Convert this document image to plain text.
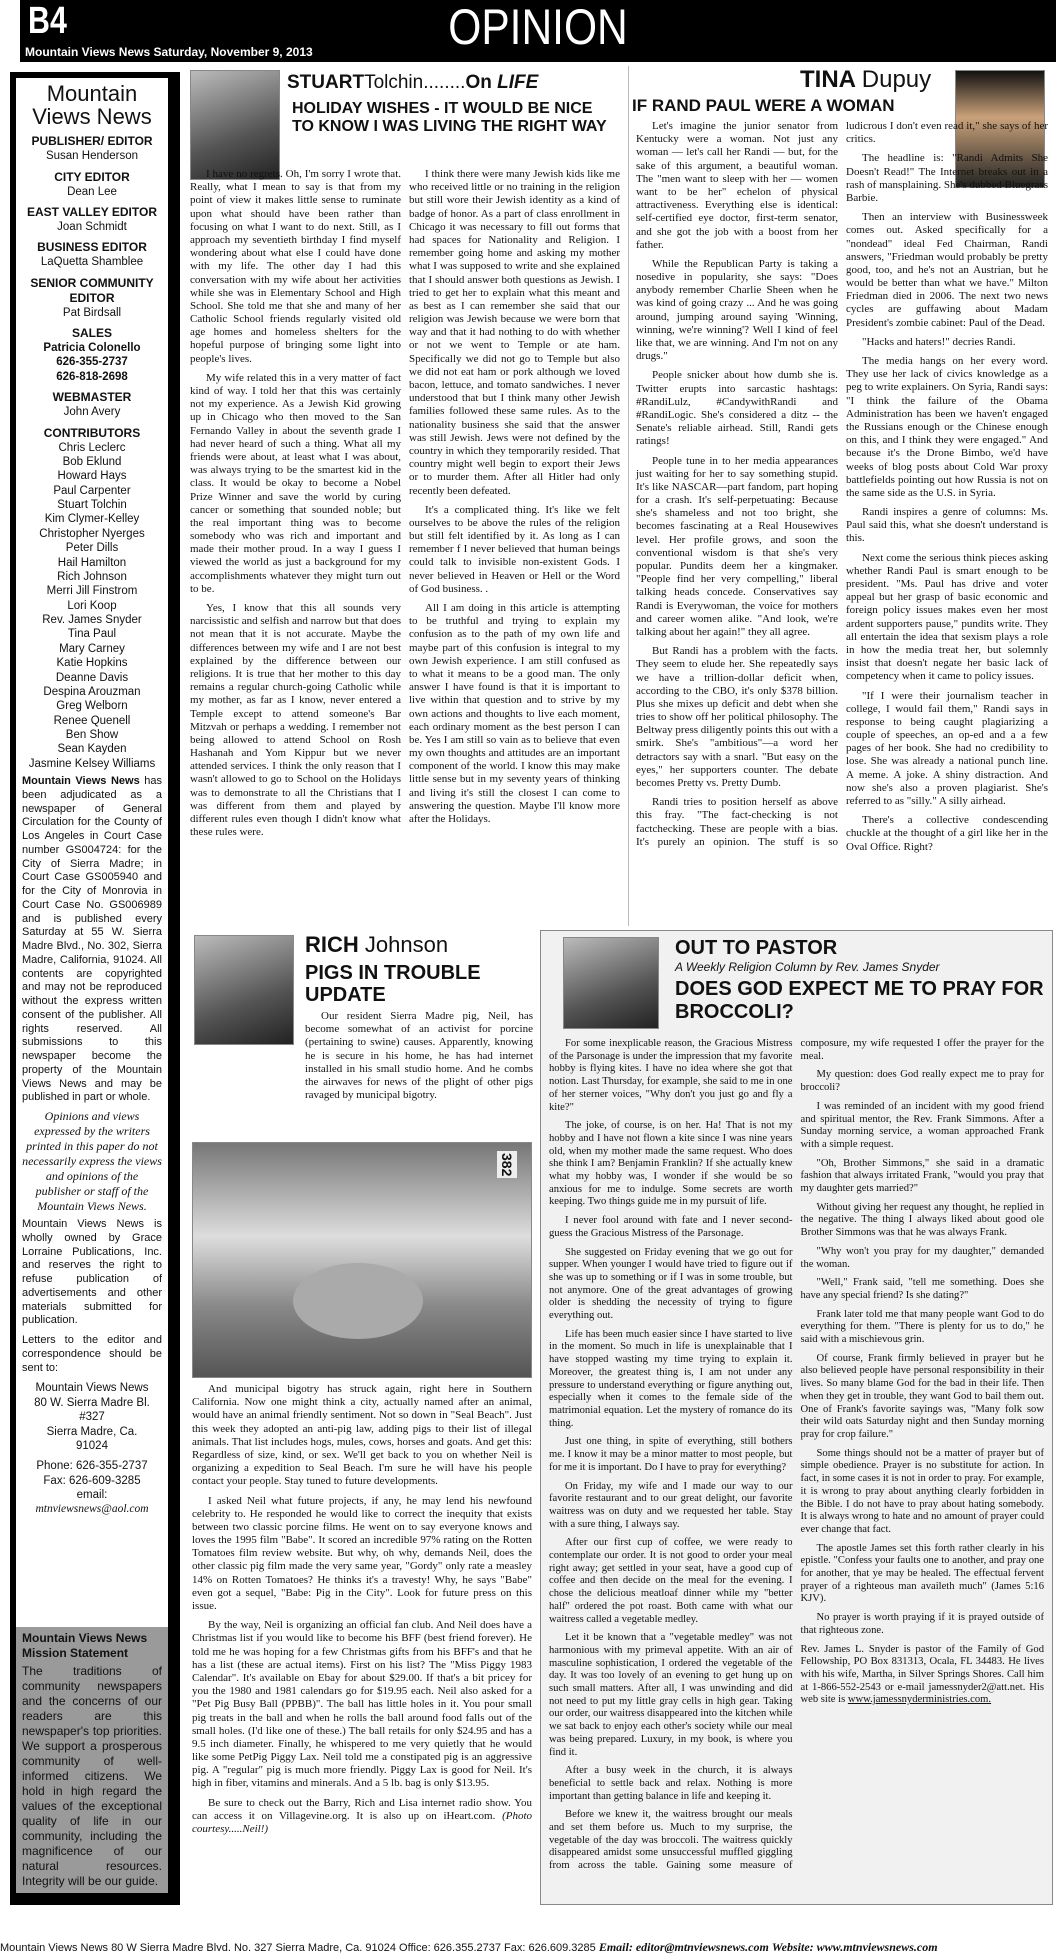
B4	OPINION
Mountain Views News Saturday, November 9, 2013
Mountain Views News
PUBLISHER/ EDITOR
Susan Henderson
CITY EDITOR
Dean Lee
EAST VALLEY EDITOR
Joan Schmidt
BUSINESS EDITOR
LaQuetta Shamblee
SENIOR COMMUNITY EDITOR
Pat Birdsall
SALES
Patricia Colonello
626-355-2737
626-818-2698
WEBMASTER
John Avery
CONTRIBUTORS
Chris Leclerc
Bob Eklund
Howard Hays
Paul Carpenter
Stuart Tolchin
Kim Clymer-Kelley
Christopher Nyerges
Peter Dills
Hail Hamilton
Rich Johnson
Merri Jill Finstrom
Lori Koop
Rev. James Snyder
Tina Paul
Mary Carney
Katie Hopkins
Deanne Davis
Despina Arouzman
Greg Welborn
Renee Quenell
Ben Show
Sean Kayden
Jasmine Kelsey Williams

Mountain Views News has been adjudicated as a newspaper of General Circulation for the County of Los Angeles in Court Case number GS004724: for the City of Sierra Madre; in Court Case GS005940 and for the City of Monrovia in Court Case No. GS006989 and is published every Saturday at 55 W. Sierra Madre Blvd., No. 302, Sierra Madre, California, 91024. All contents are copyrighted and may not be reproduced without the express written consent of the publisher. All rights reserved. All submissions to this newspaper become the property of the Mountain Views News and may be published in part or whole.

Opinions and views expressed by the writers printed in this paper do not necessarily express the views and opinions of the publisher or staff of the Mountain Views News.

Mountain Views News is wholly owned by Grace Lorraine Publications, Inc. and reserves the right to refuse publication of advertisements and other materials submitted for publication.

Letters to the editor and correspondence should be sent to:

Mountain Views News
80 W. Sierra Madre Bl.
#327
Sierra Madre, Ca.
91024
Phone: 626-355-2737
Fax: 626-609-3285
email:
mtnviewsnews@aol.com
Mountain Views News Mission Statement

The traditions of community newspapers and the concerns of our readers are this newspaper's top priorities. We support a prosperous community of well-informed citizens. We hold in high regard the values of the exceptional quality of life in our community, including the magnificence of our natural resources. Integrity will be our guide.

STUARTTolchin........On LIFE
HOLIDAY WISHES - IT WOULD BE NICE TO KNOW I WAS LIVING THE RIGHT WAY

I have no regrets. Oh, I'm sorry I wrote that. Really, what I mean to say is that from my point of view it makes little sense to ruminate upon what should have been rather than focusing on what I want to do next. Still, as I approach my seventieth birthday I find myself wondering about what else I could have done with my life. The other day I had this conversation with my wife about her activities while she was in Elementary School and High School. She told me that she and many of her Catholic School friends regularly visited old age homes and homeless shelters for the hopeful purpose of bringing some light into people's lives.

My wife related this in a very matter of fact kind of way. I told her that this was certainly not my experience. As a Jewish Kid growing up in Chicago who then moved to the San Fernando Valley in about the seventh grade I had never heard of such a thing. What all my friends were about, at least what I was about, was always trying to be the smartest kid in the class. It would be okay to become a Nobel Prize Winner and save the world by curing cancer or something that sounded noble; but the real important thing was to become somebody who was rich and important and made their mother proud. In a way I guess I viewed the world as just a background for my accomplishments whatever they might turn out to be.

Yes, I know that this all sounds very narcissistic and selfish and narrow but that does not mean that it is not accurate. Maybe the differences between my wife and I are not best explained by the difference between our religions. It is true that her mother to this day remains a regular church-going Catholic while my mother, as far as I know, never entered a Temple except to attend someone's Bar Mitzvah or perhaps a wedding. I remember not being allowed to attend School on Rosh Hashanah and Yom Kippur but we never attended services. I think the only reason that I wasn't allowed to go to School on the Holidays was to demonstrate to all the Christians that I was different from them and played by different rules even though I didn't know what these rules were.

I think there were many Jewish kids like me who received little or no training in the religion but still wore their Jewish identity as a kind of badge of honor. As a part of class enrollment in Chicago it was necessary to fill out forms that had spaces for Nationality and Religion. I remember going home and asking my mother what I was supposed to write and she explained that I should answer both questions as Jewish. I tried to get her to explain what this meant and as best as I can remember she said that our religion was Jewish because we were born that way and that it had nothing to do with whether or not we went to Temple or ate ham. Specifically we did not go to Temple but also we did not eat ham or pork although we loved bacon, lettuce, and tomato sandwiches. I never understood that but I think many other Jewish families followed these same rules. As to the nationality business she said that the answer was still Jewish. Jews were not defined by the country in which they temporarily resided. That country might well begin to export their Jews or to murder them. After all Hitler had only recently been defeated.

It's a complicated thing. It's like we felt ourselves to be above the rules of the religion but still felt identified by it. As long as I can remember f I never believed that human beings could talk to invisible non-existent Gods. I never believed in Heaven or Hell or the Word of God business. .

All I am doing in this article is attempting to be truthful and trying to explain my confusion as to the path of my own life and maybe part of this confusion is integral to my own Jewish experience. I am still confused as to what it means to be a good man. The only answer I have found is that it is important to live within that question and to strive by my own actions and thoughts to live each moment, each ordinary moment as the best person I can be. Yes I am still so vain as to believe that even my own thoughts and attitudes are an important component of the world. I know this may make little sense but in my seventy years of thinking and living it's still the closest I can come to answering the question. Maybe I'll know more after the Holidays.

TINA Dupuy
IF RAND PAUL WERE A WOMAN

Let's imagine the junior senator from Kentucky were a woman. Not just any woman — let's call her Randi — but, for the sake of this argument, a beautiful woman. The "men want to sleep with her — women want to be her" echelon of physical attractiveness. Everything else is identical: self-certified eye doctor, first-term senator, and she got the job with a boost from her father.

While the Republican Party is taking a nosedive in popularity, she says: "Does anybody remember Charlie Sheen when he was kind of going crazy ... And he was going around, jumping around saying 'Winning, winning, we're winning'? Well I kind of feel like that, we are winning. And I'm not on any drugs."

People snicker about how dumb she is. Twitter erupts into sarcastic hashtags: #RandiLulz, #CandywithRandi and #RandiLogic. She's considered a ditz -- the Senate's reliable airhead. Still, Randi gets ratings!

People tune in to her media appearances just waiting for her to say something stupid. It's like NASCAR—part fandom, part hoping for a crash. It's self-perpetuating: Because she's shameless and not too bright, she becomes fascinating at a Real Housewives level. Her profile grows, and soon the conventional wisdom is that she's very popular. Pundits deem her a kingmaker. "People find her very compelling," liberal talking heads concede. Conservatives say Randi is Everywoman, the voice for mothers and career women alike. "And look, we're talking about her again!" they all agree.

But Randi has a problem with the facts. They seem to elude her. She repeatedly says we have a trillion-dollar deficit when, according to the CBO, it's only $378 billion. Plus she mixes up deficit and debt when she tries to show off her political philosophy. The Beltway press diligently points this out with a smirk. She's "ambitious"—a word her detractors say with a snarl. "But easy on the eyes," her supporters counter. The debate becomes Pretty vs. Pretty Dumb.

Randi tries to position herself as above this fray. "The fact-checking is not factchecking. These are people with a bias. It's purely an opinion. The stuff is so ludicrous I don't even read it," she says of her critics.

The headline is: "Randi Admits She Doesn't Read!" The Internet breaks out in a rash of mansplaining. She's dubbed Bluegrass Barbie.

Then an interview with Businessweek comes out. Asked specifically for a "nondead" ideal Fed Chairman, Randi answers, "Friedman would probably be pretty good, too, and he's not an Austrian, but he would be better than what we have." Milton Friedman died in 2006. The next two news cycles are guffawing about Madam President's zombie cabinet: Paul of the Dead.

"Hacks and haters!" decries Randi.

The media hangs on her every word. They use her lack of civics knowledge as a peg to write explainers. On Syria, Randi says: "I think the failure of the Obama Administration has been we haven't engaged the Russians enough or the Chinese enough on this, and I think they were engaged." And because it's the Drone Bimbo, we'd have weeks of blog posts about Cold War proxy battlefields pointing out how Russia is not on the same side as the U.S. in Syria.

Randi inspires a genre of columns: Ms. Paul said this, what she doesn't understand is this.

Next come the serious think pieces asking whether Randi Paul is smart enough to be president. "Ms. Paul has drive and voter appeal but her grasp of basic economic and foreign policy issues makes even her most ardent supporters pause," pundits write. They all entertain the idea that sexism plays a role in how the media treat her, but solemnly insist that doesn't negate her basic lack of competency when it came to policy issues.

"If I were their journalism teacher in college, I would fail them," Randi says in response to being caught plagiarizing a couple of speeches, an op-ed and a a few pages of her book. She had no credibility to lose. She was already a national punch line. A meme. A joke. A shiny distraction. And now she's also a proven plagiarist. She's referred to as "silly." A silly airhead.

There's a collective condescending chuckle at the thought of a girl like her in the Oval Office. Right?

RICH Johnson
PIGS IN TROUBLE UPDATE
Our resident Sierra Madre pig, Neil, has become somewhat of an activist for porcine (pertaining to swine) causes. Apparently, knowing he is secure in his home, he has had internet installed in his small studio home. And he combs the airwaves for news of the plight of other pigs ravaged by municipal bigotry.
382

And municipal bigotry has struck again, right here in Southern California. Now one might think a city, actually named after an animal, would have an animal friendly sentiment. Not so down in "Seal Beach". Just this week they adopted an anti-pig law, adding pigs to their list of illegal animals. That list includes hogs, mules, cows, horses and goats. And get this: Regardless of size, kind, or sex. We'll get back to you on whether Neil is organizing a expedition to Seal Beach. I'm sure he will have his people contact your people. Stay tuned to future developments.

I asked Neil what future projects, if any, he may lend his newfound celebrity to. He responded he would like to correct the inequity that exists between two classic porcine films. He went on to say everyone knows and loves the 1995 film "Babe". It scored an incredible 97% rating on the Rotten Tomatoes film review website. But why, oh why, demands Neil, does the other classic pig film made the very same year, "Gordy" only rate a measley 14% on Rotten Tomatoes? He thinks it's a travesty! Why, he says "Babe" even got a sequel, "Babe: Pig in the City". Look for future press on this issue.

By the way, Neil is organizing an official fan club. And Neil does have a Christmas list if you would like to become his BFF (best friend forever). He told me he was hoping for a few Christmas gifts from his BFF's and that he has a list (these are actual items). First on his list? The "Miss Piggy 1983 Calendar". It's available on Ebay for about $29.00. If that's a bit pricey for you the 1980 and 1981 calendars go for $19.95 each. Neil also asked for a "Pet Pig Busy Ball (PPBB)". The ball has little holes in it. You pour small pig treats in the ball and when he rolls the ball around food falls out of the small holes. (I'd like one of these.) The ball retails for only $24.95 and has a 9.5 inch diameter. Finally, he whispered to me very quietly that he would like some PetPig Piggy Lax. Neil told me a constipated pig is an aggressive pig. A "regular" pig is much more friendly. Piggy Lax is good for Neil. It's high in fiber, vitamins and minerals. And a 5 lb. bag is only $13.95.

Be sure to check out the Barry, Rich and Lisa internet radio show. You can access it on Villagevine.org. It is also up on iHeart.com. (Photo courtesy.....Neil!)

OUT TO PASTOR
A Weekly Religion Column by Rev. James Snyder
DOES GOD EXPECT ME TO PRAY FOR BROCCOLI?

For some inexplicable reason, the Gracious Mistress of the Parsonage is under the impression that my favorite hobby is flying kites. I have no idea where she got that notion. Last Thursday, for example, she said to me in one of her sterner voices, "Why don't you just go and fly a kite?"

The joke, of course, is on her. Ha! That is not my hobby and I have not flown a kite since I was nine years old, when my mother made the same request. Who does she think I am? Benjamin Franklin? If she actually knew what my hobby was, I wonder if she would be so anxious for me to indulge. Some secrets are worth keeping. Two things guide me in my pursuit of life.

I never fool around with fate and I never second-guess the Gracious Mistress of the Parsonage.

She suggested on Friday evening that we go out for supper. When younger I would have tried to figure out if she was up to something or if I was in some trouble, but not anymore. One of the great advantages of growing older is shedding the necessity of trying to figure everything out.

Life has been much easier since I have started to live in the moment. So much in life is unexplainable that I have stopped wasting my time trying to explain it. Moreover, the greatest thing is, I am not under any pressure to understand everything or figure anything out, especially when it comes to the female side of the matrimonial equation. Let the mystery of romance do its thing.

Just one thing, in spite of everything, still bothers me. I know it may be a minor matter to most people, but for me it is important. Do I have to pray for everything?

On Friday, my wife and I made our way to our favorite restaurant and to our great delight, our favorite waitress was on duty and we requested her table. Stay with a sure thing, I always say.

After our first cup of coffee, we were ready to contemplate our order. It is not good to order your meal right away; get settled in your seat, have a good cup of coffee and then decide on the meal for the evening. I chose the delicious meatloaf dinner while my "better half" ordered the pot roast. Both came with what our waitress called a vegetable medley.

Let it be known that a "vegetable medley" was not harmonious with my primeval appetite. With an air of masculine sophistication, I ordered the vegetable of the day. It was too lovely of an evening to get hung up on such small matters. After all, I was unwinding and did not need to put my little gray cells in high gear. Taking our order, our waitress disappeared into the kitchen while we sat back to enjoy each other's society while our meal was being prepared. Luxury, in my book, is where you find it.

After a busy week in the church, it is always beneficial to settle back and relax. Nothing is more important than getting balance in life and keeping it.

Before we knew it, the waitress brought our meals and set them before us. Much to my surprise, the vegetable of the day was broccoli. The waitress quickly disappeared amidst some unsuccessful muffled giggling from across the table. Gaining some measure of composure, my wife requested I offer the prayer for the meal.

My question: does God really expect me to pray for broccoli?

I was reminded of an incident with my good friend and spiritual mentor, the Rev. Frank Simmons. After a Sunday morning service, a woman approached Frank with a simple request.

"Oh, Brother Simmons," she said in a dramatic fashion that always irritated Frank, "would you pray that my daughter gets married?"

Without giving her request any thought, he replied in the negative. The thing I always liked about good ole Brother Simmons was that he was always Frank.

"Why won't you pray for my daughter," demanded the woman.

"Well," Frank said, "tell me something. Does she have any special friend? Is she dating?"

Frank later told me that many people want God to do everything for them. "There is plenty for us to do," he said with a mischievous grin.

Of course, Frank firmly believed in prayer but he also believed people have personal responsibility in their lives. So many blame God for the bad in their life. Then when they get in trouble, they want God to bail them out. One of Frank's favorite sayings was, "Many folk sow their wild oats Saturday night and then Sunday morning pray for crop failure."

Some things should not be a matter of prayer but of simple obedience. Prayer is no substitute for action. In fact, in some cases it is not in order to pray. For example, it is wrong to pray about anything clearly forbidden in the Bible. I do not have to pray about hating somebody. It is always wrong to hate and no amount of prayer could ever change that fact.

The apostle James set this forth rather clearly in his epistle. "Confess your faults one to another, and pray one for another, that ye may be healed. The effectual fervent prayer of a righteous man availeth much" (James 5:16 KJV).

No prayer is worth praying if it is prayed outside of that righteous zone.

Rev. James L. Snyder is pastor of the Family of God Fellowship, PO Box 831313, Ocala, FL 34483. He lives with his wife, Martha, in Silver Springs Shores. Call him at 1-866-552-2543 or e-mail jamessnyder2@att.net. His web site is www.jamessnyderministries.com.

Mountain Views News 80 W Sierra Madre Blvd. No. 327 Sierra Madre, Ca. 91024 Office: 626.355.2737 Fax: 626.609.3285 Email: editor@mtnviewsnews.com Website: www.mtnviewsnews.com
